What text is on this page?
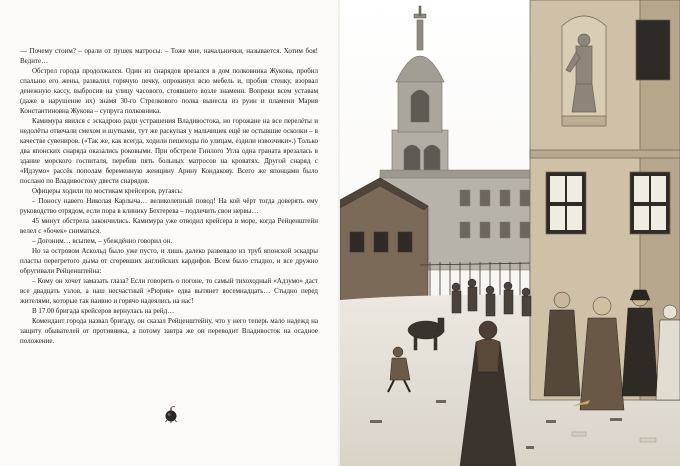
— Почему стоим? – орали от пушек матросы. – Тоже мне, начальнички, называется. Хотим боя! Ведите…

Обстрел города продолжался. Один из снарядов врезался в дом полковника Жукова, пробил спальню его жены, развалил горячую печку, опрокинул всю мебель и, пробив стенку, взорвал денежную кассу, выбросив на улицу часового, стоявшего возле знамени. Вопреки всем уставам (даже в нарушение их) знамя 30-го Стрелкового полка вынесла из руин и пламени Мария Константиновна Жукова – супруга полковника.

Камимура явился с эскадрою ради устрашения Владивостока, но горожане на все перелёты и недолёты отвечали смехом и шутками, тут же раскупая у мальчишек ещё не остывшие осколки – в качестве сувениров. («Так же, как всегда, ходили пешеходы по улицам, ездили извозчики».) Только два японских снаряда оказались роковыми. При обстреле Гнилого Угла одна граната врезалась в здание морского госпиталя, перебив пять больных матросов на кроватях. Другой снаряд с «Идзумо» рассёк пополам беременную женщину Арину Кондакову. Всего же японцами было послано по Владивостоку двести снарядов.

Офицеры ходили по мостикам крейсеров, ругаясь:

– Поносу навего Николая Карлыча… великолепный повод! На кой чёрт тогда доверять ему руководство отрядом, если пора в клинику Бехтерева – подлечить свои нервы…

45 минут обстрела закончились. Камимура уже отводил крейсера в море, когда Рейценштейн велел с «бочек» сниматься.

– Догоним… всыпем, – убеждённо говорил он.

Но за островом Аскольд было уже пусто, и лишь далеко развевало из труб японской эскадры пласты перегретого дыма от сгоревших английских кардифов. Всем было стыдно, и все дружно обругивали Рейценштейна:

– Кому он хочет замазать глаза? Если говорить о погоне, то самый тихоходный «Адзумо» даст все двадцать узлов, а наш несчастный «Рюрик» едва вытянет восемнадцать… Стыдно перед жителями, которые так наивно и горячо надеялись на нас!

В 17.00 бригада крейсеров вернулась на рейд…

Комендант города назвал бригаду, он сказал Рейценштейну, что у него теперь мало надежд на защиту обывателей от противника, а потому завтра же он переводит Владивосток на осадное положение.
